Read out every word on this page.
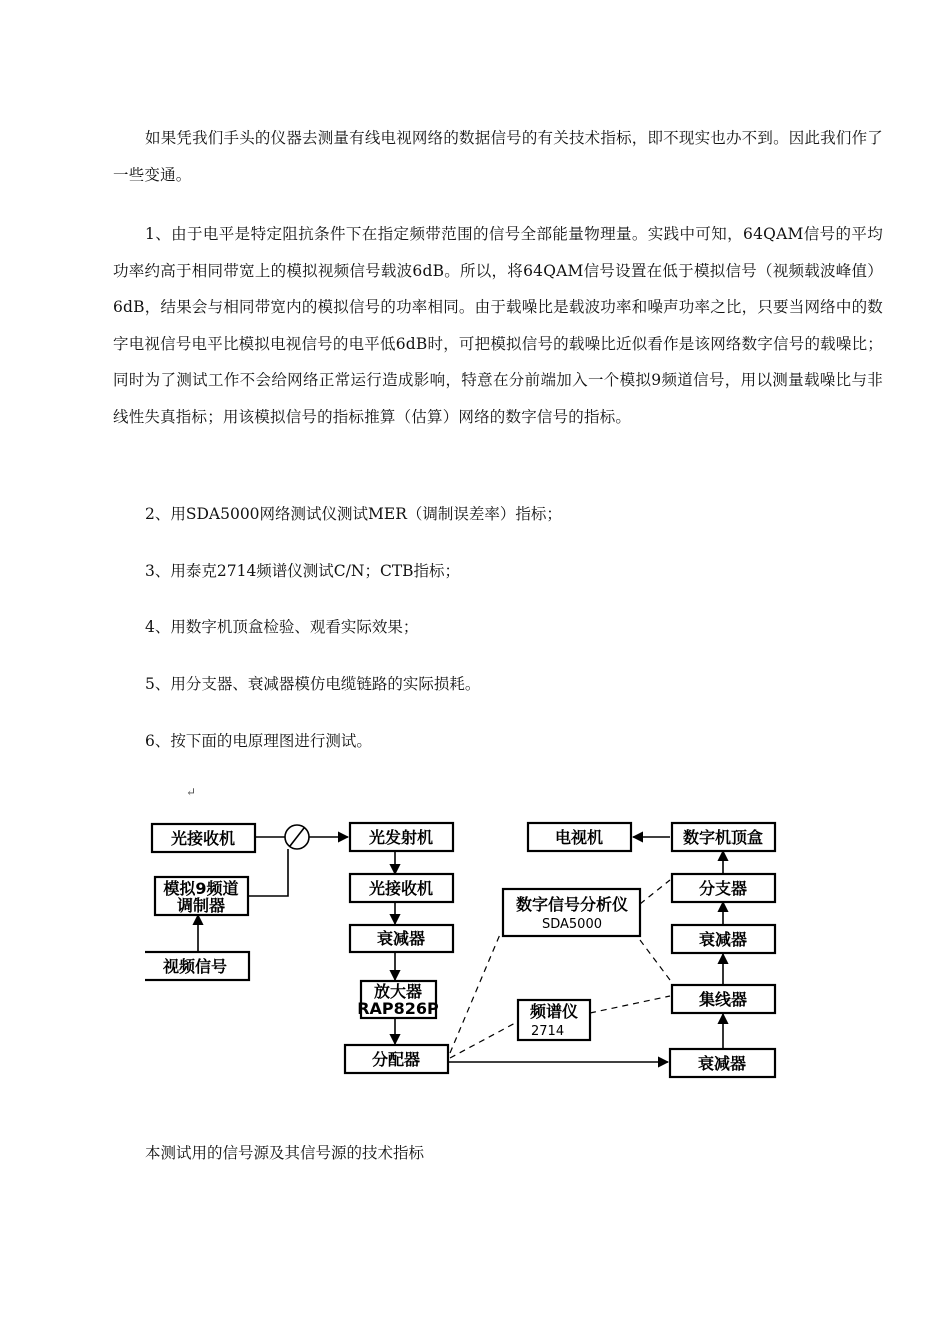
如果凭我们手头的仪器去测量有线电视网络的数据信号的有关技术指标，即不现实也办不到。因此我们作了一些变通。

1、由于电平是特定阻抗条件下在指定频带范围的信号全部能量物理量。实践中可知，64QAM信号的平均功率约高于相同带宽上的模拟视频信号载波6dB。所以，将64QAM信号设置在低于模拟信号（视频载波峰值）6dB，结果会与相同带宽内的模拟信号的功率相同。由于载噪比是载波功率和噪声功率之比，只要当网络中的数字电视信号电平比模拟电视信号的电平低6dB时，可把模拟信号的载噪比近似看作是该网络数字信号的载噪比；同时为了测试工作不会给网络正常运行造成影响，特意在分前端加入一个模拟9频道信号，用以测量载噪比与非线性失真指标；用该模拟信号的指标推算（估算）网络的数字信号的指标。

2、用SDA5000网络测试仪测试MER（调制误差率）指标；

3、用泰克2714频谱仪测试C/N；CTB指标；

4、用数字机顶盒检验、观看实际效果；

5、用分支器、衰减器模仿电缆链路的实际损耗。

6、按下面的电原理图进行测试。

↵
光接收机
模拟9频道
调制器
视频信号
光发射机
光接收机
衰减器
放大器
RAP826P
分配器
频谱仪
2714
数字信号分析仪
SDA5000
电视机	数字机顶盒
分支器
衰减器
集线器
衰减器

本测试用的信号源及其信号源的技术指标
